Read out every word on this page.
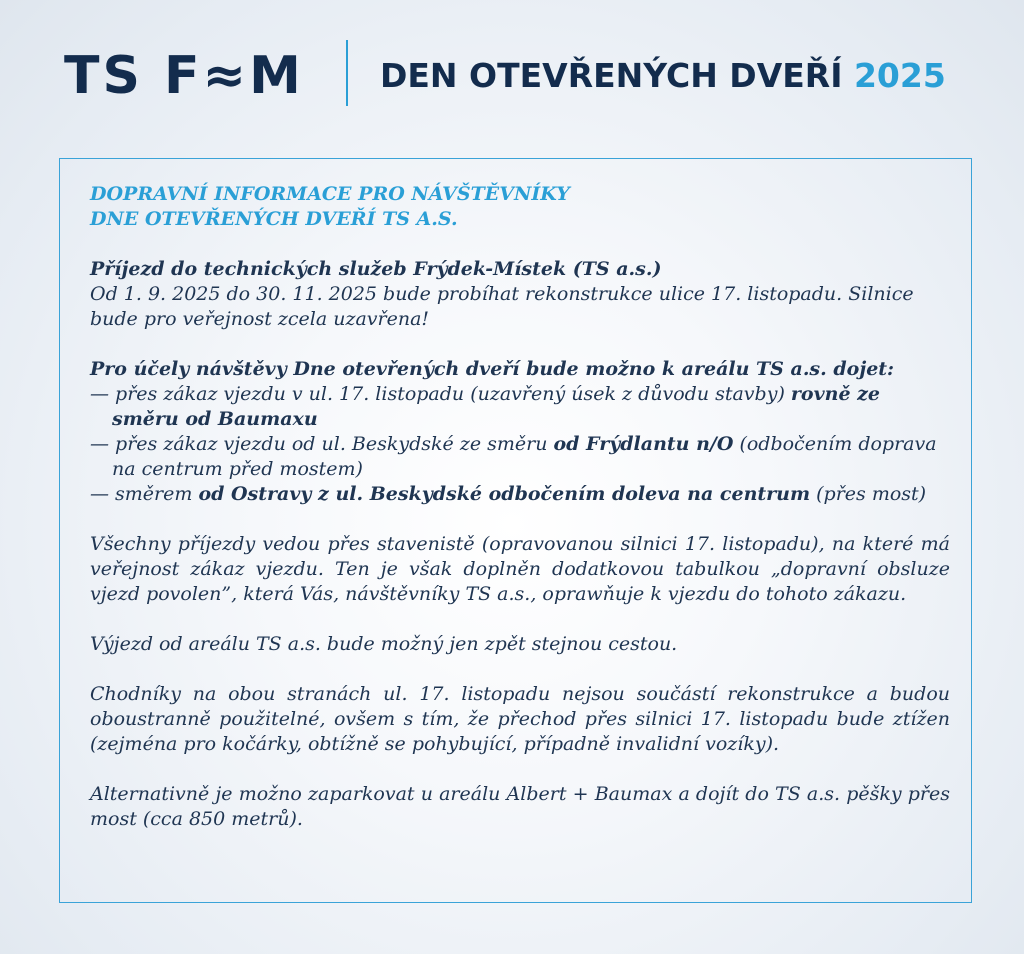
TS F≈M DEN OTEVŘENÝCH DVEŘÍ 2025

DOPRAVNÍ INFORMACE PRO NÁVŠTĚVNÍKY

DNE OTEVŘENÝCH DVEŘÍ TS A.S.

Příjezd do technických služeb Frýdek-Místek (TS a.s.)

Od 1. 9. 2025 do 30. 11. 2025 bude probíhat rekonstrukce ulice 17. listopadu. Silnice bude pro veřejnost zcela uzavřena!

Pro účely návštěvy Dne otevřených dveří bude možno k areálu TS a.s. dojet:

— přes zákaz vjezdu v ul. 17. listopadu (uzavřený úsek z důvodu stavby) rovně ze směru od Baumaxu

— přes zákaz vjezdu od ul. Beskydské ze směru od Frýdlantu n/O (odbočením doprava na centrum před mostem)

— směrem od Ostravy z ul. Beskydské odbočením doleva na centrum (přes most)

Všechny příjezdy vedou přes stavenistě (opravovanou silnici 17. listopadu), na které má veřejnost zákaz vjezdu. Ten je však doplněn dodatkovou tabulkou „dopravní obsluze vjezd povolen”, která Vás, návštěvníky TS a.s., oprawňuje k vjezdu do tohoto zákazu.

Výjezd od areálu TS a.s. bude možný jen zpět stejnou cestou.

Chodníky na obou stranách ul. 17. listopadu nejsou součástí rekonstrukce a budou oboustranně použitelné, ovšem s tím, že přechod přes silnici 17. listopadu bude ztížen (zejména pro kočárky, obtížně se pohybující, případně invalidní vozíky).

Alternativně je možno zaparkovat u areálu Albert + Baumax a dojít do TS a.s. pěšky přes most (cca 850 metrů).
